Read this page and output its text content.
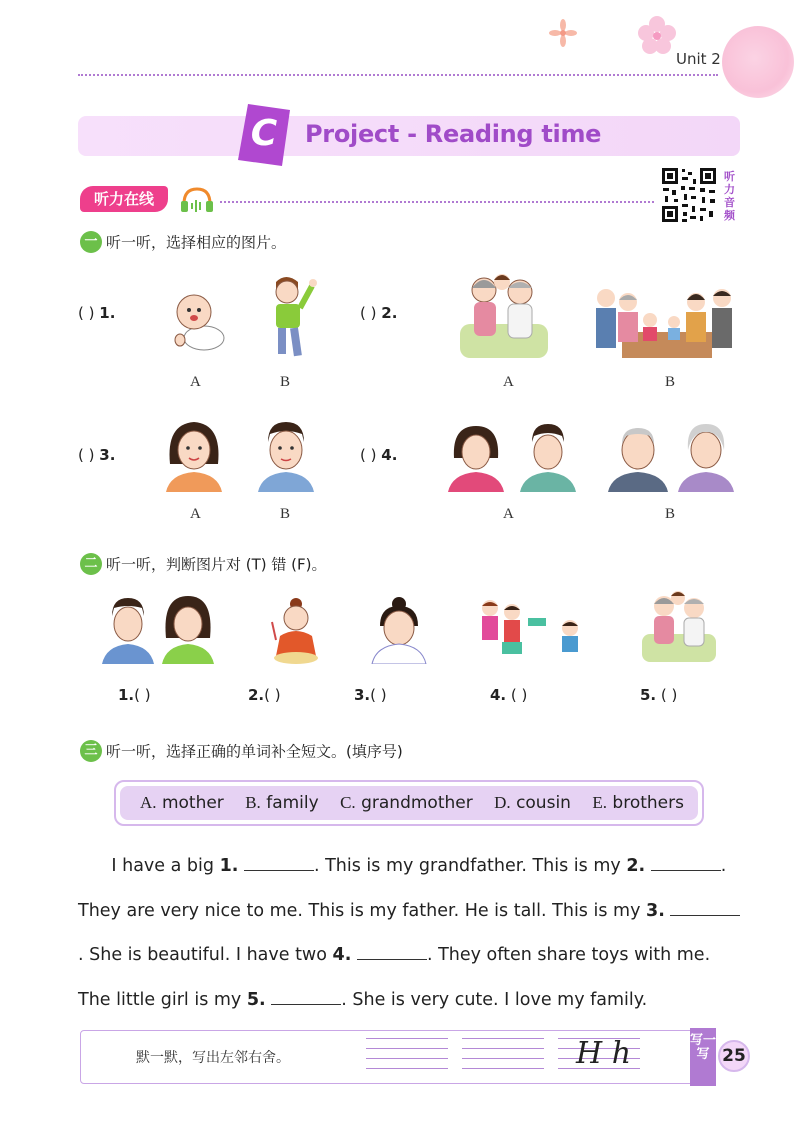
Unit 2
C	Project - Reading time
听力在线
听力音频
一 听一听，选择相应的图片。
( ) 1.
A	B
( ) 2.
A	B
( ) 3.
A	B
( ) 4.
A	B
二 听一听，判断图片对 (T) 错 (F)。
1.( )	2.( )	3.( )	4. ( )	5. ( )
三 听一听，选择正确的单词补全短文。(填序号)
A. mother B. family C. grandmother D. cousin E. brothers
I have a big 1.	. This is my grandfather. This is my 2.	. They are very nice to me. This is my father. He is tall. This is my 3. . She is beautiful. I have two 4.	. They often share toys with me. The little girl is my 5.	. She is very cute. I love my family.
默一默，写出左邻右舍。	H h	写一写 25
